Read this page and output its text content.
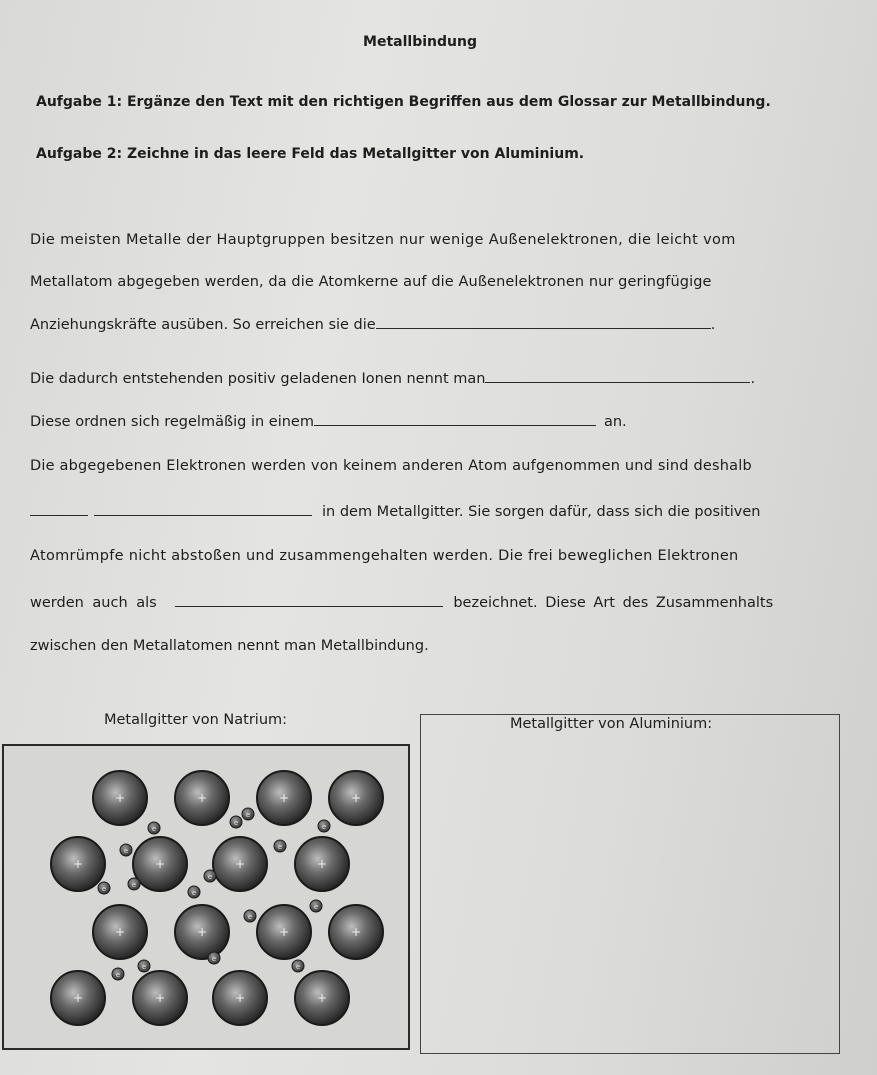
Metallbindung
Aufgabe 1: Ergänze den Text mit den richtigen Begriffen aus dem Glossar zur Metallbindung.
Aufgabe 2: Zeichne in das leere Feld das Metallgitter von Aluminium.
Die meisten Metalle der Hauptgruppen besitzen nur wenige Außenelektronen, die leicht vom
Metallatom abgegeben werden, da die Atomkerne auf die Außenelektronen nur geringfügige
Anziehungskräfte ausüben. So erreichen sie die	.
Die dadurch entstehenden positiv geladenen Ionen nennt man	.
Diese ordnen sich regelmäßig in einem	an.
Die abgegebenen Elektronen werden von keinem anderen Atom aufgenommen und sind deshalb
in dem Metallgitter. Sie sorgen dafür, dass sich die positiven
Atomrümpfe nicht abstoßen und zusammengehalten werden. Die frei beweglichen Elektronen
werden auch als	bezeichnet. Diese Art des Zusammenhalts
zwischen den Metallatomen nennt man Metallbindung.
Metallgitter von Natrium:	Metallgitter von Aluminium:
+	+	+	+
+	+	+	+
+	+	+	+
+	+	+	+
e
e
e
e
e
e
e	e
e
e
e
e
e
e
e
e
